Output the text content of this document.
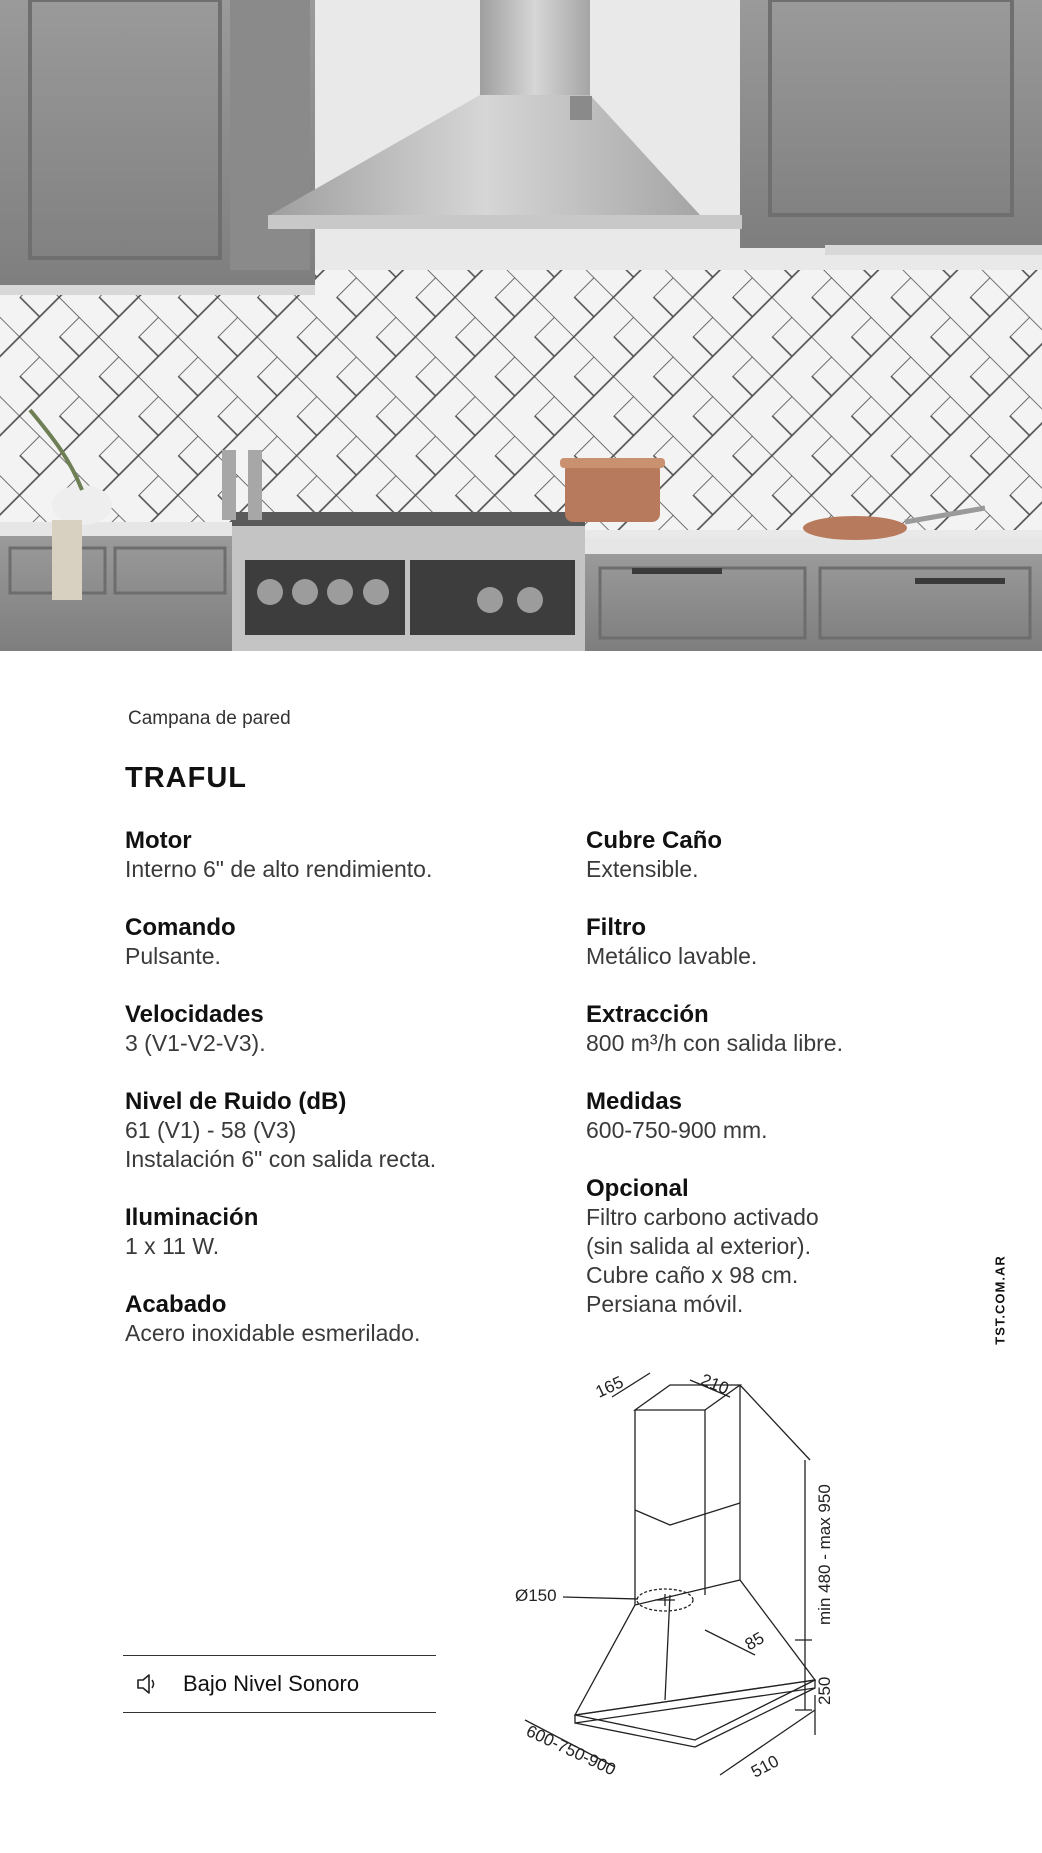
Campana de pared
TRAFUL
Motor
Interno 6" de alto rendimiento.
Comando
Pulsante.
Velocidades
3 (V1-V2-V3).
Nivel de Ruido (dB)
61 (V1) - 58 (V3)
Instalación 6" con salida recta.
Iluminación
1 x 11 W.
Acabado
Acero inoxidable esmerilado.
Cubre Caño
Extensible.
Filtro
Metálico lavable.
Extracción
800 m³/h con salida libre.
Medidas
600-750-900 mm.
Opcional
Filtro carbono activado
(sin salida al exterior).
Cubre caño x 98 cm.
Persiana móvil.	TST.COM.AR
Bajo Nivel Sonoro
165	210
Ø150	min 480 - max 950
85
250
600-750-900	510
